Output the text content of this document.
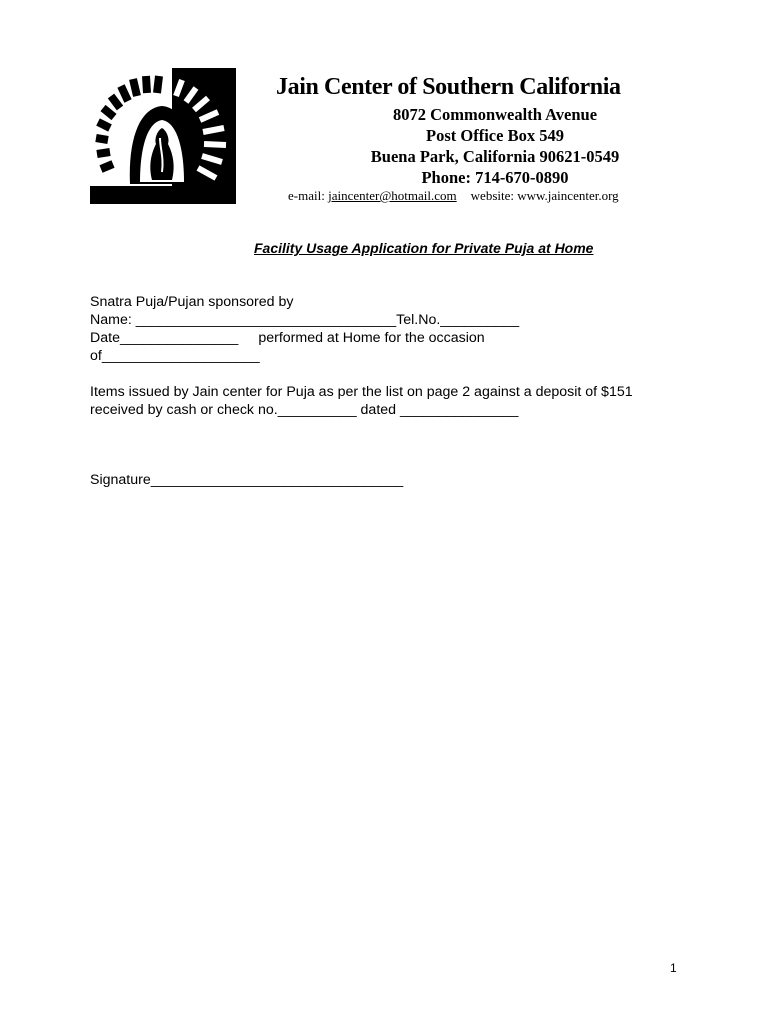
Jain Center of Southern California
8072 Commonwealth Avenue
Post Office Box 549
Buena Park, California 90621-0549
Phone: 714-670-0890
e-mail: jaincenter@hotmail.com website: www.jaincenter.org
Facility Usage Application for Private Puja at Home
Snatra Puja/Pujan sponsored by
Name: _________________________________Tel.No.__________
Date_______________ performed at Home for the occasion
of____________________
Items issued by Jain center for Puja as per the list on page 2 against a deposit of $151
received by cash or check no.__________ dated _______________
Signature________________________________
1
